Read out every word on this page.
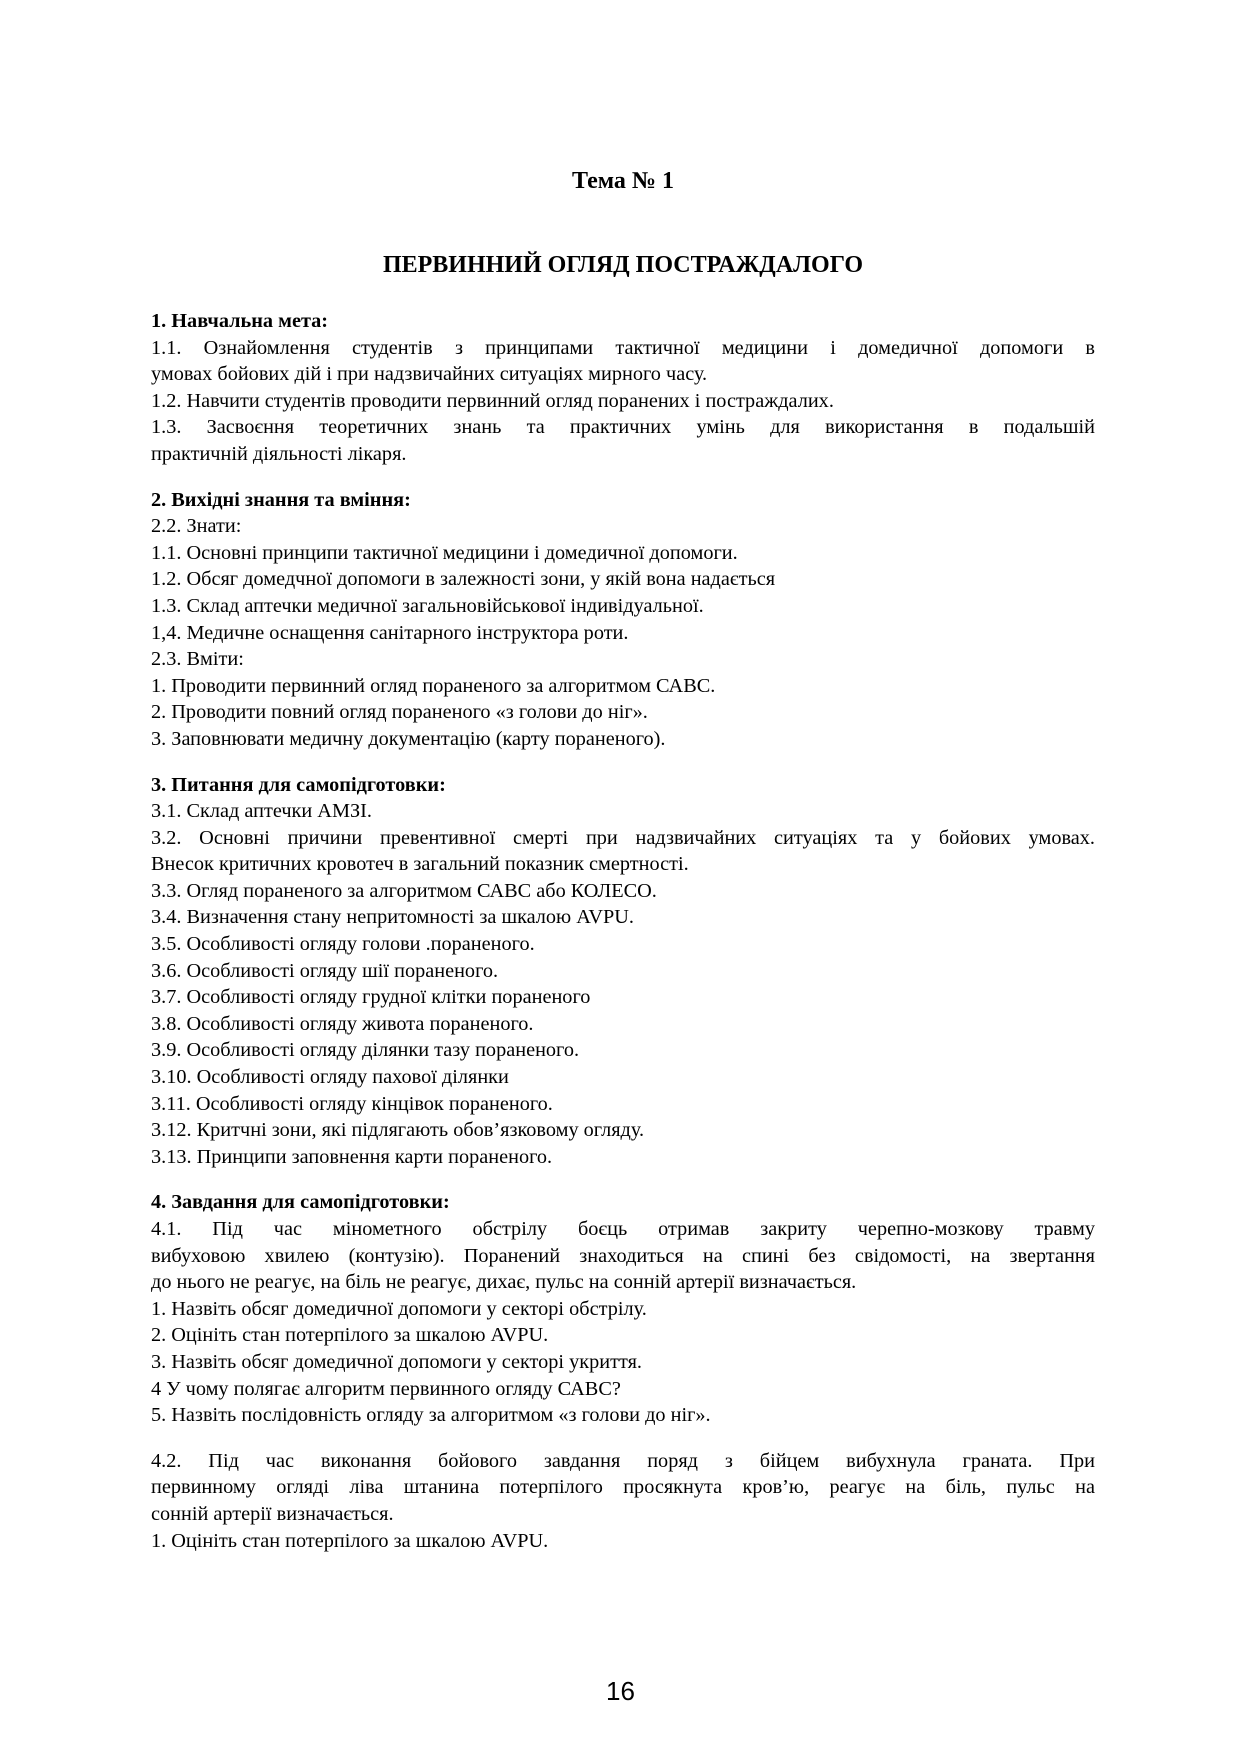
Тема № 1
ПЕРВИННИЙ ОГЛЯД ПОСТРАЖДАЛОГО
1. Навчальна мета:
1.1. Ознайомлення студентів з принципами тактичної медицини і домедичної допомоги в
умовах бойових дій і при надзвичайних ситуаціях мирного часу.
1.2. Навчити студентів проводити первинний огляд поранених і постраждалих.
1.3. Засвоєння теоретичних знань та практичних умінь для використання в подальшій
практичній діяльності лікаря.
2. Вихідні знання та вміння:
2.2. Знати:
1.1. Основні принципи тактичної медицини і домедичної допомоги.
1.2. Обсяг домедчної допомоги в залежності зони, у якій вона надається
1.3. Склад аптечки медичної загальновійськової індивідуальної.
1,4. Медичне оснащення санітарного інструктора роти.
2.3. Вміти:
1. Проводити первинний огляд пораненого за алгоритмом САВС.
2. Проводити повний огляд пораненого «з голови до ніг».
3. Заповнювати медичну документацію (карту пораненого).
3. Питання для самопідготовки:
3.1. Склад аптечки АМЗІ.
3.2. Основні причини превентивної смерті при надзвичайних ситуаціях та у бойових умовах.
Внесок критичних кровотеч в загальний показник смертності.
3.3. Огляд пораненого за алгоритмом САВС або КОЛЕСО.
3.4. Визначення стану непритомності за шкалою AVPU.
3.5. Особливості огляду голови .пораненого.
3.6. Особливості огляду шії пораненого.
3.7. Особливості огляду грудної клітки пораненого
3.8. Особливості огляду живота пораненого.
3.9. Особливості огляду ділянки тазу пораненого.
3.10. Особливості огляду пахової ділянки
3.11. Особливості огляду кінцівок пораненого.
3.12. Критчні зони, які підлягають обов’язковому огляду.
3.13. Принципи заповнення карти пораненого.
4. Завдання для самопідготовки:
4.1. Під час мінометного обстрілу боєць отримав закриту черепно-мозкову травму
вибуховою хвилею (контузію). Поранений знаходиться на спині без свідомості, на звертання
до нього не реагує, на біль не реагує, дихає, пульс на сонній артерії визначається.
1. Назвіть обсяг домедичної допомоги у секторі обстрілу.
2. Оцініть стан потерпілого за шкалою AVPU.
3. Назвіть обсяг домедичної допомоги у секторі укриття.
4 У чому полягає алгоритм первинного огляду САВС?
5. Назвіть послідовність огляду за алгоритмом «з голови до ніг».
4.2. Під час виконання бойового завдання поряд з бійцем вибухнула граната. При
первинному огляді ліва штанина потерпілого просякнута кров’ю, реагує на біль, пульс на
сонній артерії визначається.
1. Оцініть стан потерпілого за шкалою AVPU.
16
